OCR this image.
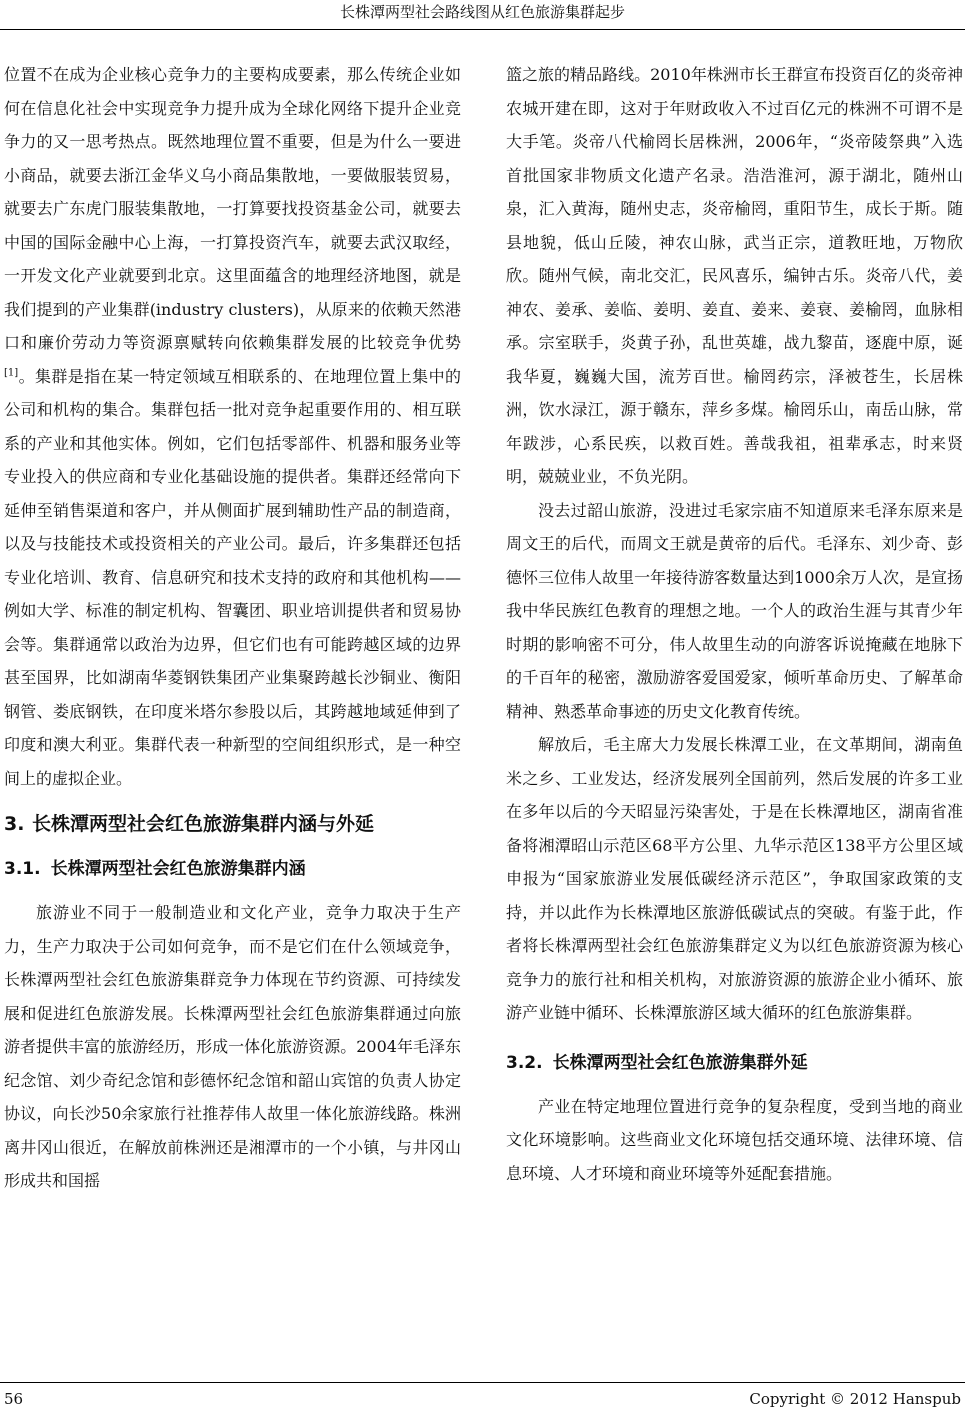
长株潭两型社会路线图从红色旅游集群起步

位置不在成为企业核心竞争力的主要构成要素，那么传统企业如何在信息化社会中实现竞争力提升成为全球化网络下提升企业竞争力的又一思考热点。既然地理位置不重要，但是为什么一要进小商品，就要去浙江金华义乌小商品集散地，一要做服装贸易，就要去广东虎门服装集散地，一打算要找投资基金公司，就要去中国的国际金融中心上海，一打算投资汽车，就要去武汉取经，一开发文化产业就要到北京。这里面蕴含的地理经济地图，就是我们提到的产业集群(industry clusters)，从原来的依赖天然港口和廉价劳动力等资源禀赋转向依赖集群发展的比较竞争优势[1]。集群是指在某一特定领域互相联系的、在地理位置上集中的公司和机构的集合。集群包括一批对竞争起重要作用的、相互联系的产业和其他实体。例如，它们包括零部件、机器和服务业等专业投入的供应商和专业化基础设施的提供者。集群还经常向下延伸至销售渠道和客户，并从侧面扩展到辅助性产品的制造商，以及与技能技术或投资相关的产业公司。最后，许多集群还包括专业化培训、教育、信息研究和技术支持的政府和其他机构——例如大学、标准的制定机构、智囊团、职业培训提供者和贸易协会等。集群通常以政治为边界，但它们也有可能跨越区域的边界甚至国界，比如湖南华菱钢铁集团产业集聚跨越长沙铜业、衡阳钢管、娄底钢铁，在印度米塔尔参股以后，其跨越地域延伸到了印度和澳大利亚。集群代表一种新型的空间组织形式，是一种空间上的虚拟企业。

3. 长株潭两型社会红色旅游集群内涵与外延
3.1. 长株潭两型社会红色旅游集群内涵

旅游业不同于一般制造业和文化产业，竞争力取决于生产力，生产力取决于公司如何竞争，而不是它们在什么领域竞争，长株潭两型社会红色旅游集群竞争力体现在节约资源、可持续发展和促进红色旅游发展。长株潭两型社会红色旅游集群通过向旅游者提供丰富的旅游经历，形成一体化旅游资源。2004年毛泽东纪念馆、刘少奇纪念馆和彭德怀纪念馆和韶山宾馆的负责人协定协议，向长沙50余家旅行社推荐伟人故里一体化旅游线路。株洲离井冈山很近，在解放前株洲还是湘潭市的一个小镇，与井冈山形成共和国摇

篮之旅的精品路线。2010年株洲市长王群宣布投资百亿的炎帝神农城开建在即，这对于年财政收入不过百亿元的株洲不可谓不是大手笔。炎帝八代榆罔长居株洲，2006年，“炎帝陵祭典”入选首批国家非物质文化遗产名录。浩浩淮河，源于湖北，随州山泉，汇入黄海，随州史志，炎帝榆罔，重阳节生，成长于斯。随县地貌，低山丘陵，神农山脉，武当正宗，道教旺地，万物欣欣。随州气候，南北交汇，民风喜乐，编钟古乐。炎帝八代，姜神农、姜承、姜临、姜明、姜直、姜来、姜衰、姜榆罔，血脉相承。宗室联手，炎黄子孙，乱世英雄，战九黎苗，逐鹿中原，诞我华夏，巍巍大国，流芳百世。榆罔药宗，泽被苍生，长居株洲，饮水渌江，源于赣东，萍乡多煤。榆罔乐山，南岳山脉，常年跋涉，心系民疾，以救百姓。善哉我祖，祖辈承志，时来贤明，兢兢业业，不负光阴。

没去过韶山旅游，没进过毛家宗庙不知道原来毛泽东原来是周文王的后代，而周文王就是黄帝的后代。毛泽东、刘少奇、彭德怀三位伟人故里一年接待游客数量达到1000余万人次，是宣扬我中华民族红色教育的理想之地。一个人的政治生涯与其青少年时期的影响密不可分，伟人故里生动的向游客诉说掩藏在地脉下的千百年的秘密，激励游客爱国爱家，倾听革命历史、了解革命精神、熟悉革命事迹的历史文化教育传统。

解放后，毛主席大力发展长株潭工业，在文革期间，湖南鱼米之乡、工业发达，经济发展列全国前列，然后发展的许多工业在多年以后的今天昭显污染害处，于是在长株潭地区，湖南省准备将湘潭昭山示范区68平方公里、九华示范区138平方公里区域申报为“国家旅游业发展低碳经济示范区”，争取国家政策的支持，并以此作为长株潭地区旅游低碳试点的突破。有鉴于此，作者将长株潭两型社会红色旅游集群定义为以红色旅游资源为核心竞争力的旅行社和相关机构，对旅游资源的旅游企业小循环、旅游产业链中循环、长株潭旅游区域大循环的红色旅游集群。

3.2. 长株潭两型社会红色旅游集群外延

产业在特定地理位置进行竞争的复杂程度，受到当地的商业文化环境影响。这些商业文化环境包括交通环境、法律环境、信息环境、人才环境和商业环境等外延配套措施。

56	Copyright © 2012 Hanspub
